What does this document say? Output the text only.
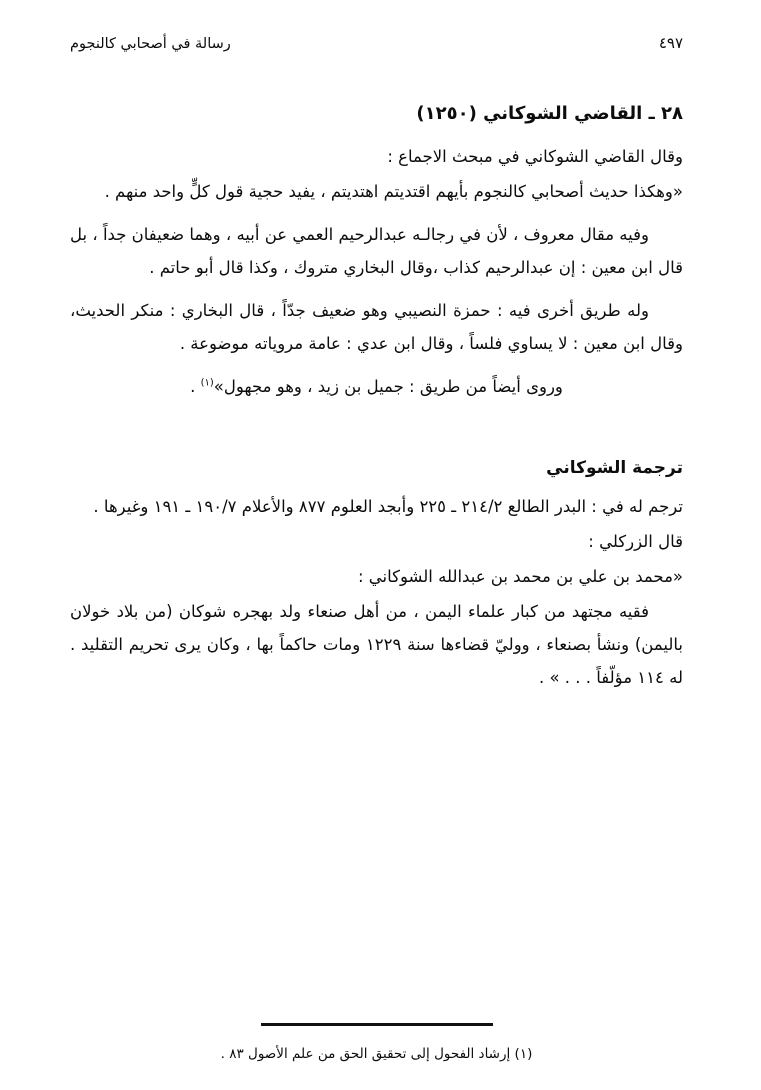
رسالة في أصحابي كالنجوم	٤٩٧
٢٨ ـ القاضي الشوكاني (١٢٥٠)

وقال القاضي الشوكاني في مبحث الاجماع :

«وهكذا حديث أصحابي كالنجوم بأيهم اقتديتم اهتديتم ، يفيد حجية قول كلٍّ واحد منهم .

وفيه مقال معروف ، لأن في رجالـه عبدالرحيم العمي عن أبيه ، وهما ضعيفان جداً ، بل قال ابن معين : إن عبدالرحيم كذاب ،وقال البخاري متروك ، وكذا قال أبو حاتم .

وله طريق أخرى فيه : حمزة النصيبي وهو ضعيف جدّاً ، قال البخاري : منكر الحديث، وقال ابن معين : لا يساوي فلساً ، وقال ابن عدي : عامة مروياته موضوعة .

وروى أيضاً من طريق : جميل بن زيد ، وهو مجهول»$^{(١)}$ .

ترجمة الشوكاني

ترجم له في : البدر الطالع ٢١٤/٢ ـ ٢٢٥ وأبجد العلوم ٨٧٧ والأعلام ١٩٠/٧ ـ ١٩١ وغيرها .

قال الزركلي :

«محمد بن علي بن محمد بن عبدالله الشوكاني :

فقيه مجتهد من كبار علماء اليمن ، من أهل صنعاء ولد بهجره شوكان (من بلاد خولان باليمن) ونشأ بصنعاء ، ووليّ قضاءها سنة ١٢٢٩ ومات حاكماً بها ، وكان يرى تحريم التقليد . له ١١٤ مؤلّفاً . . . » .

(١) إرشاد الفحول إلى تحقيق الحق من علم الأصول ٨٣ .
